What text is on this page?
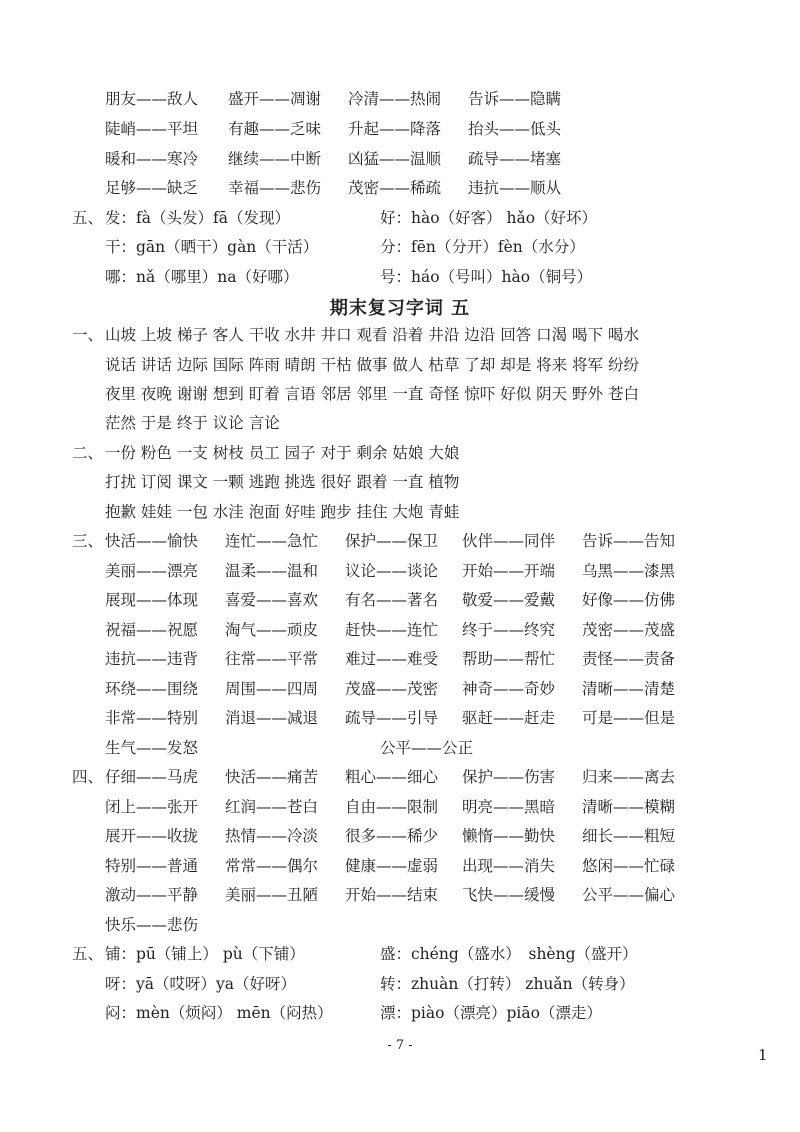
期末复习字词 五
朋友——敌人 盛开——凋谢 冷清——热闹 告诉——隐瞒
陡峭——平坦 有趣——乏味 升起——降落 抬头——低头
暖和——寒冷 继续——中断 凶猛——温顺 疏导——堵塞
足够——缺乏 幸福——悲伤 茂密——稀疏 违抗——顺从
五、 发：fà（头发）fā（发现）	好：hào（好客） hǎo（好坏）
干：gān（晒干）gàn（干活）	分：fēn（分开）fèn（水分）
哪：nǎ（哪里）na（好哪）	号：háo（号叫）hào（铜号）
一、 山坡 上坡 梯子 客人 干收 水井 井口 观看 沿着 井沿 边沿 回答 口渴 喝下 喝水
说话 讲话 边际 国际 阵雨 晴朗 干枯 做事 做人 枯草 了却 却是 将来 将军 纷纷
夜里 夜晚 谢谢 想到 盯着 言语 邻居 邻里 一直 奇怪 惊吓 好似 阴天 野外 苍白
茫然 于是 终于 议论 言论
二、 一份 粉色 一支 树枝 员工 园子 对于 剩余 姑娘 大娘
打扰 订阅 课文 一颗 逃跑 挑选 很好 跟着 一直 植物
抱歉 娃娃 一包 水洼 泡面 好哇 跑步 挂住 大炮 青蛙
三、 快活——愉快 连忙——急忙 保护——保卫 伙伴——同伴 告诉——告知
美丽——漂亮 温柔——温和 议论——谈论 开始——开端 乌黑——漆黑
展现——体现 喜爱——喜欢 有名——著名 敬爱——爱戴 好像——仿佛
祝福——祝愿 淘气——顽皮 赶快——连忙 终于——终究 茂密——茂盛
违抗——违背 往常——平常 难过——难受 帮助——帮忙 责怪——责备
环绕——围绕 周围——四周 茂盛——茂密 神奇——奇妙 清晰——清楚
非常——特别 消退——减退 疏导——引导 驱赶——赶走 可是——但是
生气——发怒	公平——公正
四、 仔细——马虎 快活——痛苦 粗心——细心 保护——伤害 归来——离去
闭上——张开 红润——苍白 自由——限制 明亮——黑暗 清晰——模糊
展开——收拢 热情——冷淡 很多——稀少 懒惰——勤快 细长——粗短
特别——普通 常常——偶尔 健康——虚弱 出现——消失 悠闲——忙碌
激动——平静 美丽——丑陋 开始——结束 飞快——缓慢 公平——偏心
快乐——悲伤
五、 铺：pū（铺上） pù（下铺）	盛：chéng（盛水）　shèng（盛开）
呀：yā（哎呀）ya（好呀）	转：zhuàn（打转） zhuǎn（转身）
闷：mèn（烦闷） mēn（闷热）	漂：piào（漂亮）piāo（漂走）
- 7 -
1
